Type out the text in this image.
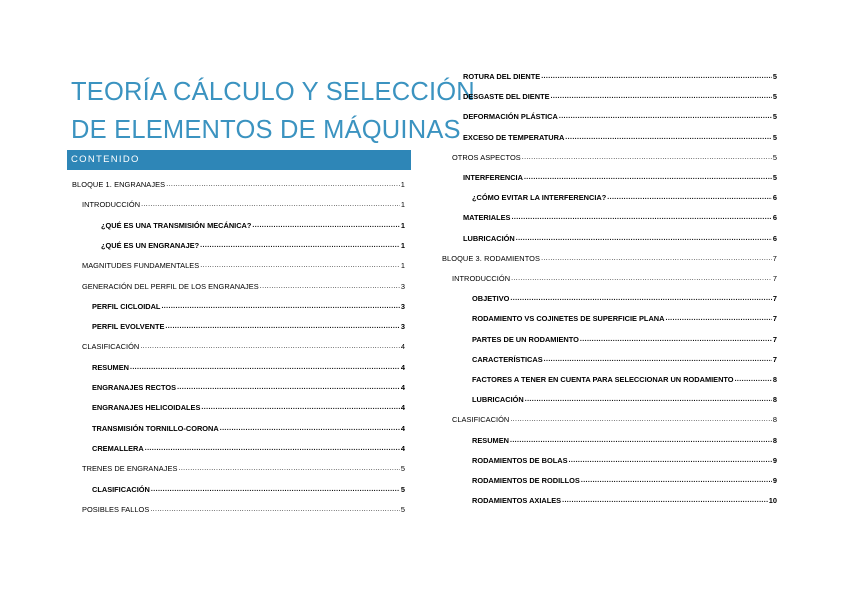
TEORÍA CÁLCULO Y SELECCIÓN
DE ELEMENTOS DE MÁQUINAS
CONTENIDO
BLOQUE 1. ENGRANAJES .....	1
INTRODUCCIÓN .....	1
¿QUÉ ES UNA TRANSMISIÓN MECÁNICA? .....	1
¿QUÉ ES UN ENGRANAJE? .....	1
MAGNITUDES FUNDAMENTALES .....	1
GENERACIÓN DEL PERFIL DE LOS ENGRANAJES .....	3
PERFIL CICLOIDAL .....	3
PERFIL EVOLVENTE .....	3
CLASIFICACIÓN .....	4
RESUMEN .....	4
ENGRANAJES RECTOS .....	4
ENGRANAJES HELICOIDALES .....	4
TRANSMISIÓN TORNILLO-CORONA .....	4
CREMALLERA .....	4
TRENES DE ENGRANAJES .....	5
CLASIFICACIÓN .....	5
POSIBLES FALLOS .....	5
ROTURA DEL DIENTE .....	5
DESGASTE DEL DIENTE .....	5
DEFORMACIÓN PLÁSTICA .....	5
EXCESO DE TEMPERATURA .....	5
OTROS ASPECTOS .....	5
INTERFERENCIA .....	5
¿CÓMO EVITAR LA INTERFERENCIA? .....	6
MATERIALES .....	6
LUBRICACIÓN .....	6
BLOQUE 3. RODAMIENTOS .....	7
INTRODUCCIÓN .....	7
OBJETIVO .....	7
RODAMIENTO VS COJINETES DE SUPERFICIE PLANA .....	7
PARTES DE UN RODAMIENTO .....	7
CARACTERÍSTICAS .....	7
FACTORES A TENER EN CUENTA PARA SELECCIONAR UN RODAMIENTO .....	8
LUBRICACIÓN .....	8
CLASIFICACIÓN .....	8
RESUMEN .....	8
RODAMIENTOS DE BOLAS .....	9
RODAMIENTOS DE RODILLOS .....	9
RODAMIENTOS AXIALES .....	10
